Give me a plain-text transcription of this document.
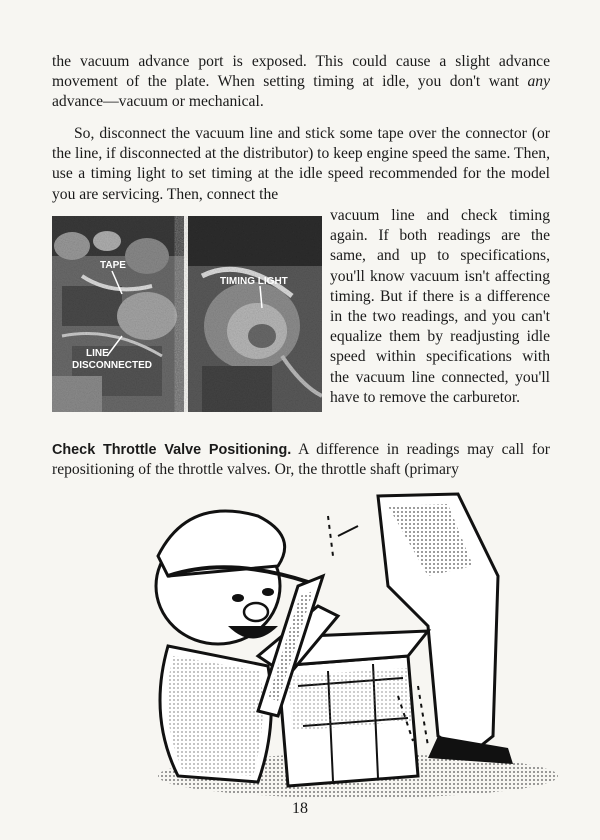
the vacuum advance port is exposed. This could cause a slight advance movement of the plate. When setting timing at idle, you don't want any advance—vacuum or mechanical.

So, disconnect the vacuum line and stick some tape over the connector (or the line, if disconnected at the distributor) to keep engine speed the same. Then, use a timing light to set timing at the idle speed recommended for the model you are servicing. Then, connect the

TAPE
TIMING LIGHT
LINE
DISCONNECTED

vacuum line and check timing again. If both readings are the same, and up to specifications, you'll know vacuum isn't affecting timing. But if there is a difference in the two readings, and you can't equalize them by readjusting idle speed within specifications with the vacuum line connected, you'll have to remove the carburetor.

Check Throttle Valve Positioning. A difference in readings may call for repositioning of the throttle valves. Or, the throttle shaft (primary

18
